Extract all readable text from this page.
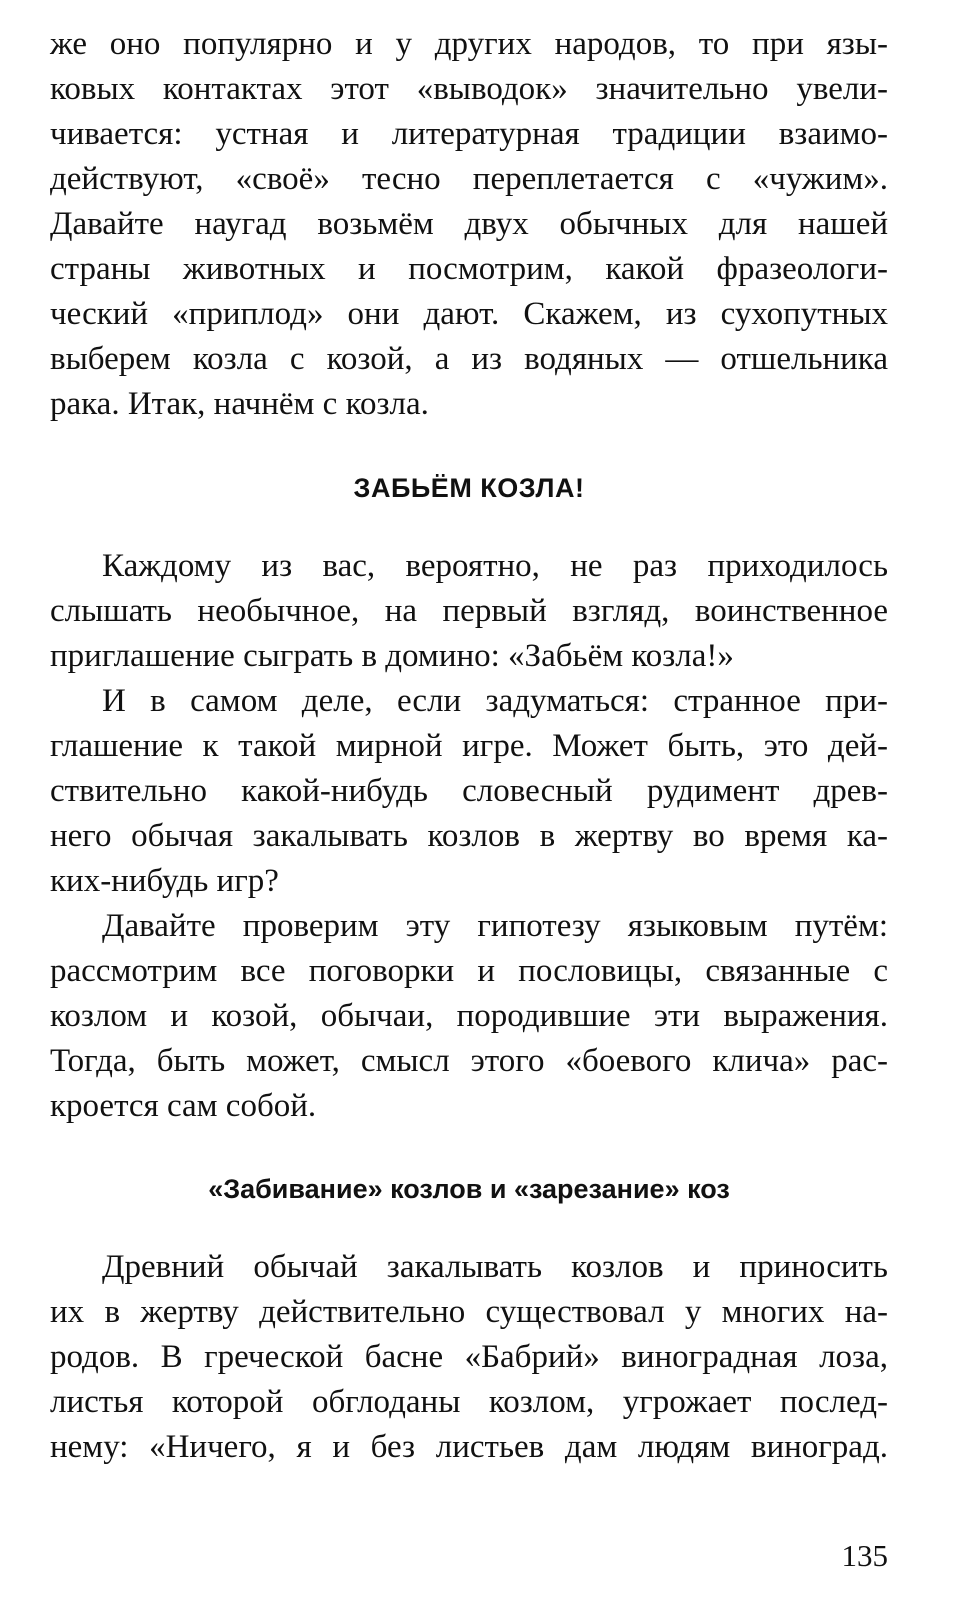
же оно популярно и у других народов, то при язы-
ковых контактах этот «выводок» значительно увели-
чивается: устная и литературная традиции взаимо-
действуют, «своё» тесно переплетается с «чужим».
Давайте наугад возьмём двух обычных для нашей
страны животных и посмотрим, какой фразеологи-
ческий «приплод» они дают. Скажем, из сухопутных
выберем козла с козой, а из водяных — отшельника
рака. Итак, начнём с козла.

ЗАБЬЁМ КОЗЛА!

Каждому из вас, вероятно, не раз приходилось
слышать необычное, на первый взгляд, воинственное
приглашение сыграть в домино: «Забьём козла!»

И в самом деле, если задуматься: странное при-
глашение к такой мирной игре. Может быть, это дей-
ствительно какой-нибудь словесный рудимент древ-
него обычая закалывать козлов в жертву во время ка-
ких-нибудь игр?

Давайте проверим эту гипотезу языковым путём:
рассмотрим все поговорки и пословицы, связанные с
козлом и козой, обычаи, породившие эти выражения.
Тогда, быть может, смысл этого «боевого клича» рас-
кроется сам собой.

«Забивание» козлов и «зарезание» коз

Древний обычай закалывать козлов и приносить
их в жертву действительно существовал у многих на-
родов. В греческой басне «Бабрий» виноградная лоза,
листья которой обглоданы козлом, угрожает послед-
нему: «Ничего, я и без листьев дам людям виноград.

135
